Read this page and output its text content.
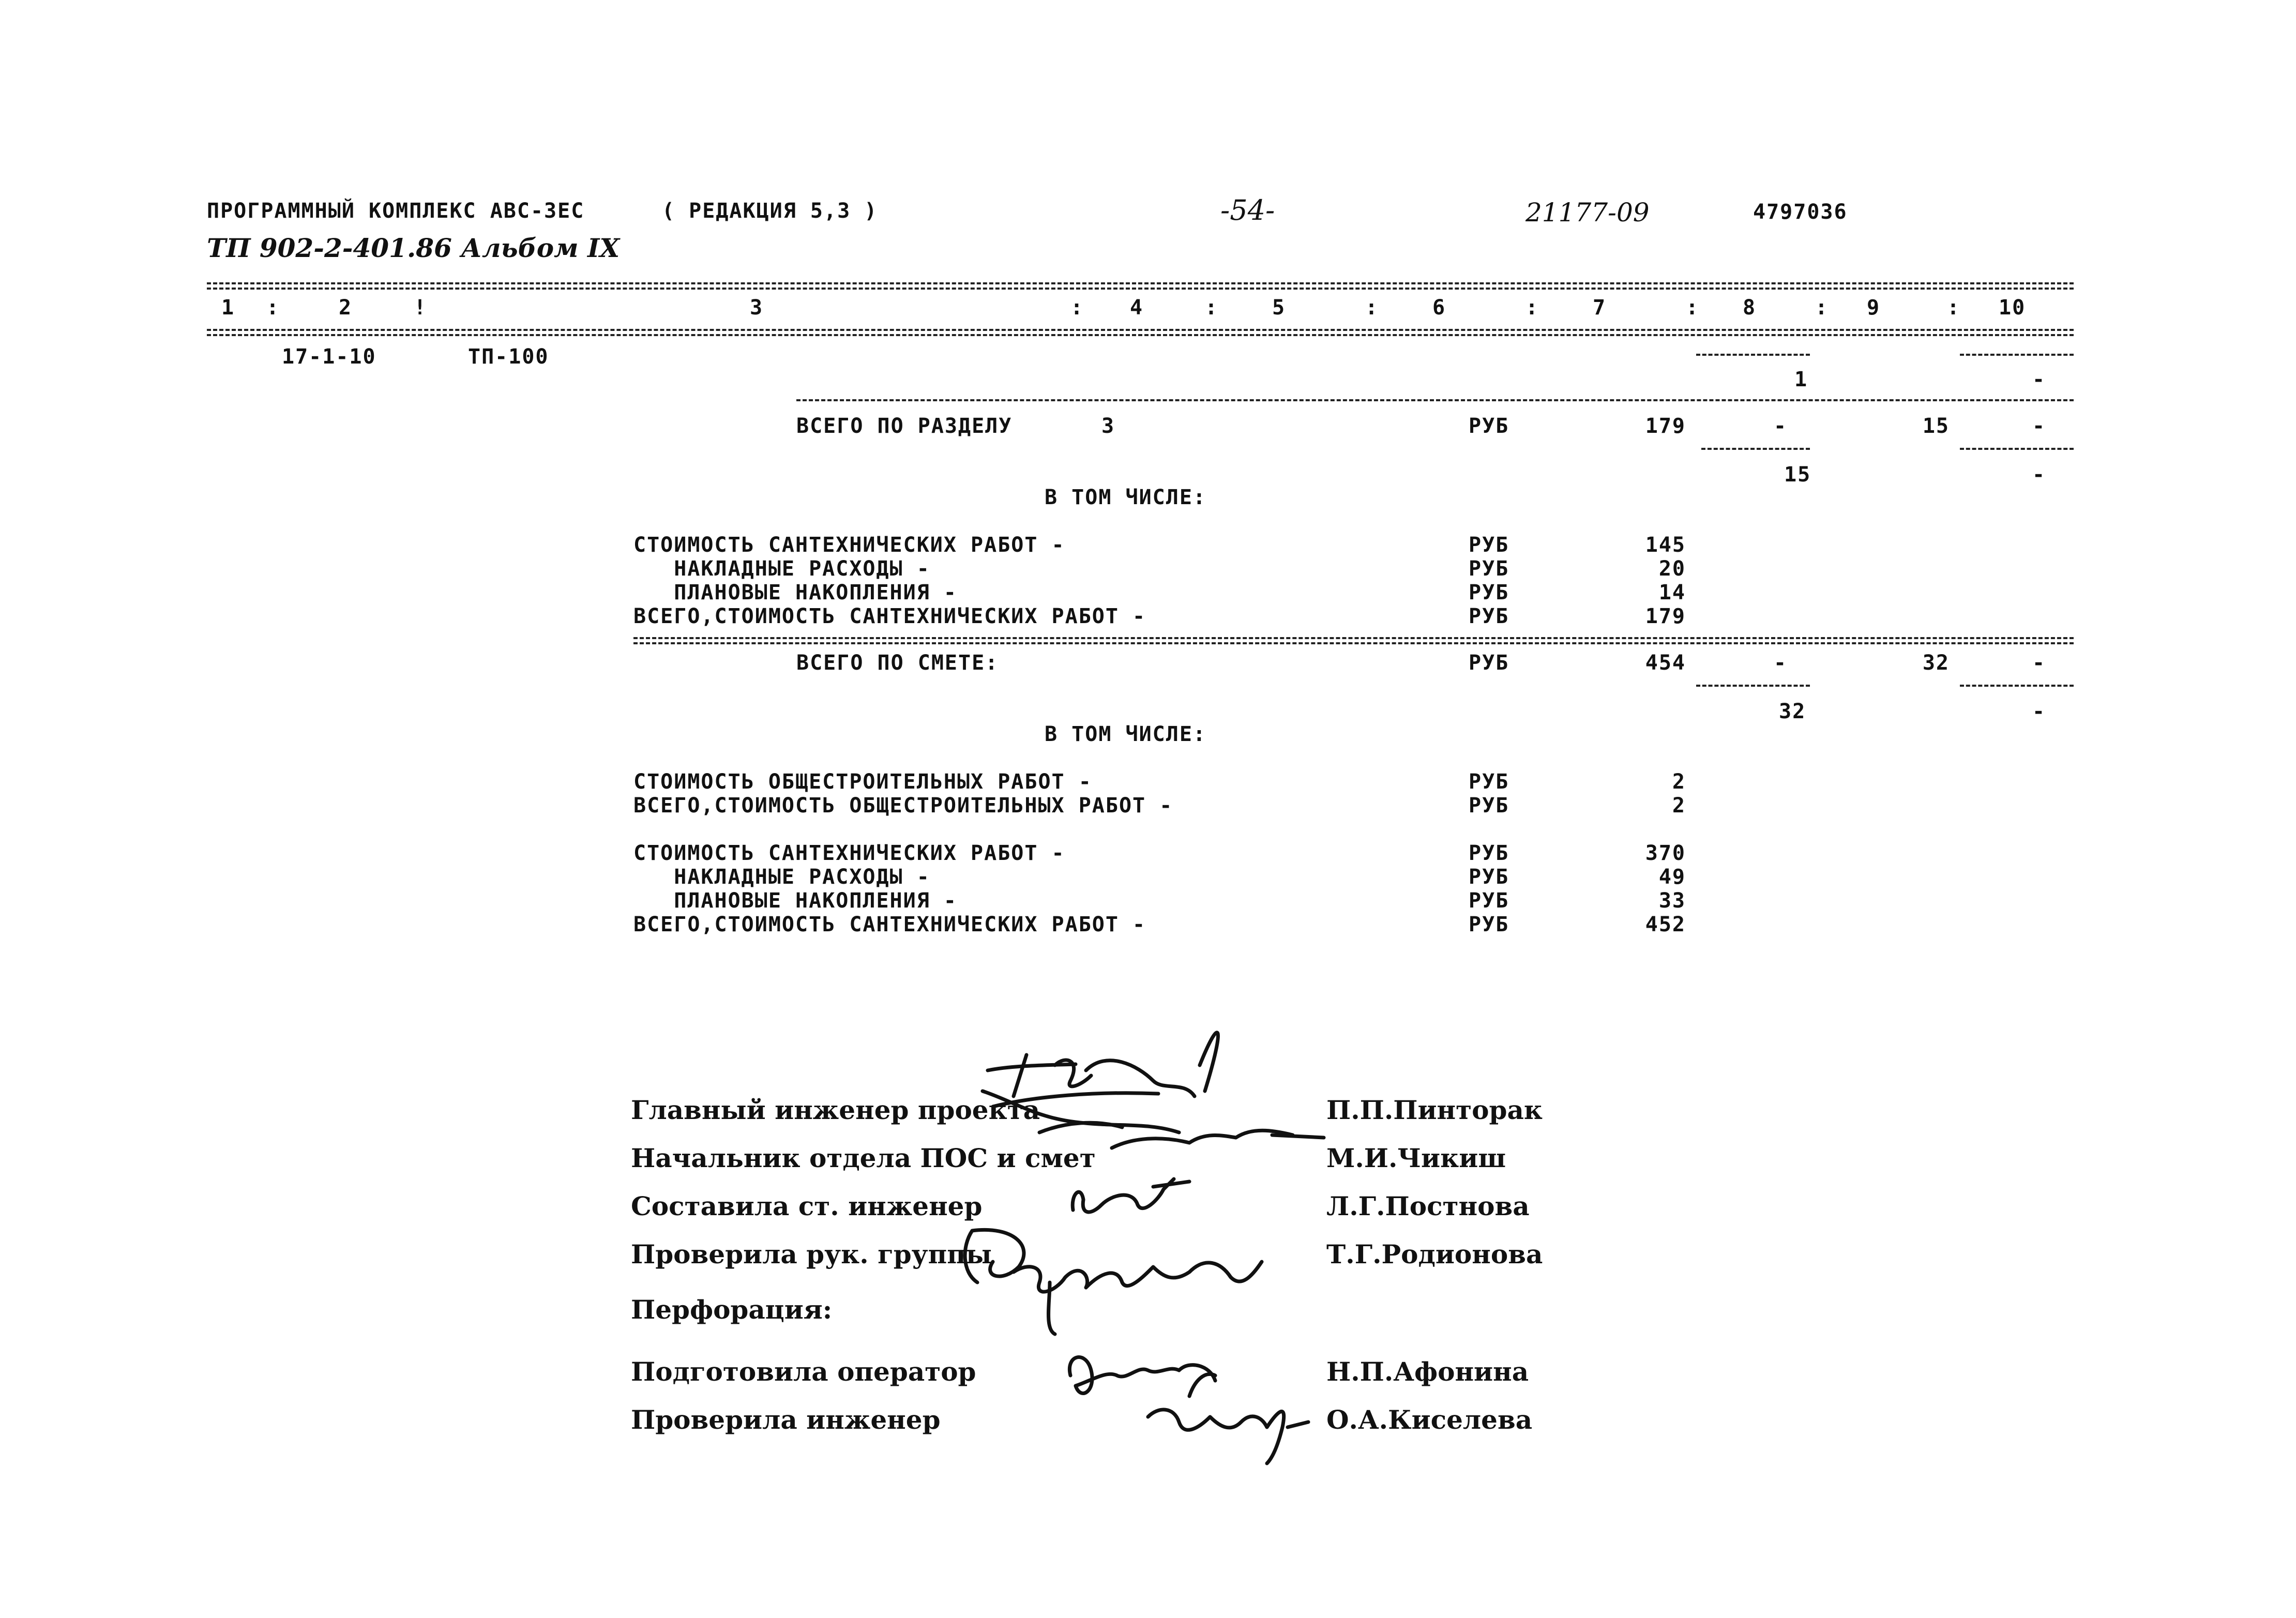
ПРОГРАММНЫЙ КОМПЛЕКС АВС-3ЕС	( РЕДАКЦИЯ 5,3 )	-54-	21177-09	4797036
ТП 902-2-401.86 Альбом IX
1 :	2	!	3	: 4	:	5	:	6	:	7	: 8	: 9	: 10
17-1-10	ТП-100
1	-
ВСЕГО ПО РАЗДЕЛУ	3	РУБ	179	-	15	-
15	-
В ТОМ ЧИСЛЕ:
СТОИМОСТЬ САНТЕХНИЧЕСКИХ РАБОТ -	РУБ	145
НАКЛАДНЫЕ РАСХОДЫ -	РУБ	20
ПЛАНОВЫЕ НАКОПЛЕНИЯ -	РУБ	14
ВСЕГО,СТОИМОСТЬ САНТЕХНИЧЕСКИХ РАБОТ -	РУБ	179
ВСЕГО ПО СМЕТЕ:	РУБ	454	-	32	-
32	-
В ТОМ ЧИСЛЕ:
СТОИМОСТЬ ОБЩЕСТРОИТЕЛЬНЫХ РАБОТ -	РУБ	2
ВСЕГО,СТОИМОСТЬ ОБЩЕСТРОИТЕЛЬНЫХ РАБОТ -	РУБ	2
СТОИМОСТЬ САНТЕХНИЧЕСКИХ РАБОТ -	РУБ	370
НАКЛАДНЫЕ РАСХОДЫ -	РУБ	49
ПЛАНОВЫЕ НАКОПЛЕНИЯ -	РУБ	33
ВСЕГО,СТОИМОСТЬ САНТЕХНИЧЕСКИХ РАБОТ -	РУБ	452
Главный инженер проекта	П.П.Пинторак
Начальник отдела ПОС и смет	М.И.Чикиш
Составила ст. инженер	Л.Г.Постнова
Проверила рук. группы	Т.Г.Родионова
Перфорация:
Подготовила оператор	Н.П.Афонина
Проверила инженер	О.А.Киселева
